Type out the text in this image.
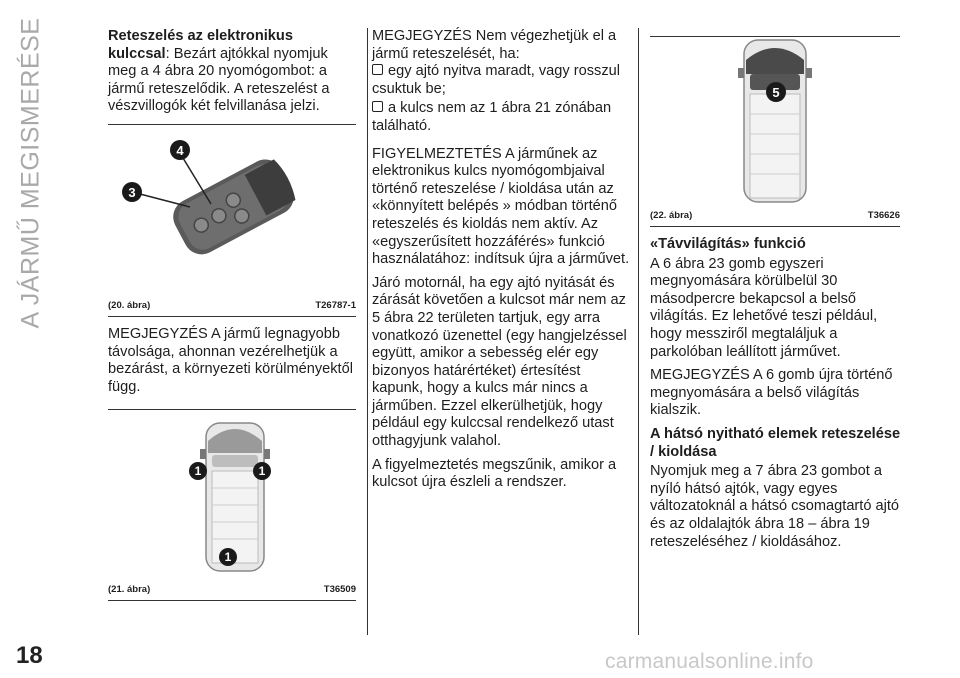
A JÁRMŰ MEGISMERÉSE
18

Reteszelés az elektronikus kulccsal: Bezárt ajtókkal nyomjuk meg a 4 ábra 20 nyomógombot: a jármű reteszelődik. A reteszelést a vészvillogók két felvillanása jelzi.

3
4
(20. ábra)	T26787-1

MEGJEGYZÉS A jármű legnagyobb távolsága, ahonnan vezérelhetjük a bezárást, a környezeti körülményektől függ.

1	1
1
(21. ábra)	T36509

MEGJEGYZÉS Nem végezhetjük el a jármű reteszelését, ha:

egy ajtó nyitva maradt, vagy rosszul csuktuk be;

a kulcs nem az 1 ábra 21 zónában található.

FIGYELMEZTETÉS A járműnek az elektronikus kulcs nyomógombjaival történő reteszelése / kioldása után az «könnyített belépés » módban történő reteszelés és kioldás nem aktív. Az «egyszerűsített hozzáférés» funkció használatához: indítsuk újra a járművet.

Járó motornál, ha egy ajtó nyitását és zárását követően a kulcsot már nem az 5 ábra 22 területen tartjuk, egy arra vonatkozó üzenettel (egy hangjelzéssel együtt, amikor a sebesség elér egy bizonyos határértéket) értesítést kapunk, hogy a kulcs már nincs a járműben. Ezzel elkerülhetjük, hogy például egy kulccsal rendelkező utast otthagyjunk valahol.

A figyelmeztetés megszűnik, amikor a kulcsot újra észleli a rendszer.

5
(22. ábra)	T36626

«Távvilágítás» funkció

A 6 ábra 23 gomb egyszeri megnyomására körülbelül 30 másodpercre bekapcsol a belső világítás. Ez lehetővé teszi például, hogy messziről megtaláljuk a parkolóban leállított járművet.

MEGJEGYZÉS A 6 gomb újra történő megnyomására a belső világítás kialszik.

A hátsó nyitható elemek reteszelése / kioldása

Nyomjuk meg a 7 ábra 23 gombot a nyíló hátsó ajtók, vagy egyes változatoknál a hátsó csomagtartó ajtó és az oldalajtók ábra 18 – ábra 19 reteszeléséhez / kioldásához.

carmanualsonline.info
